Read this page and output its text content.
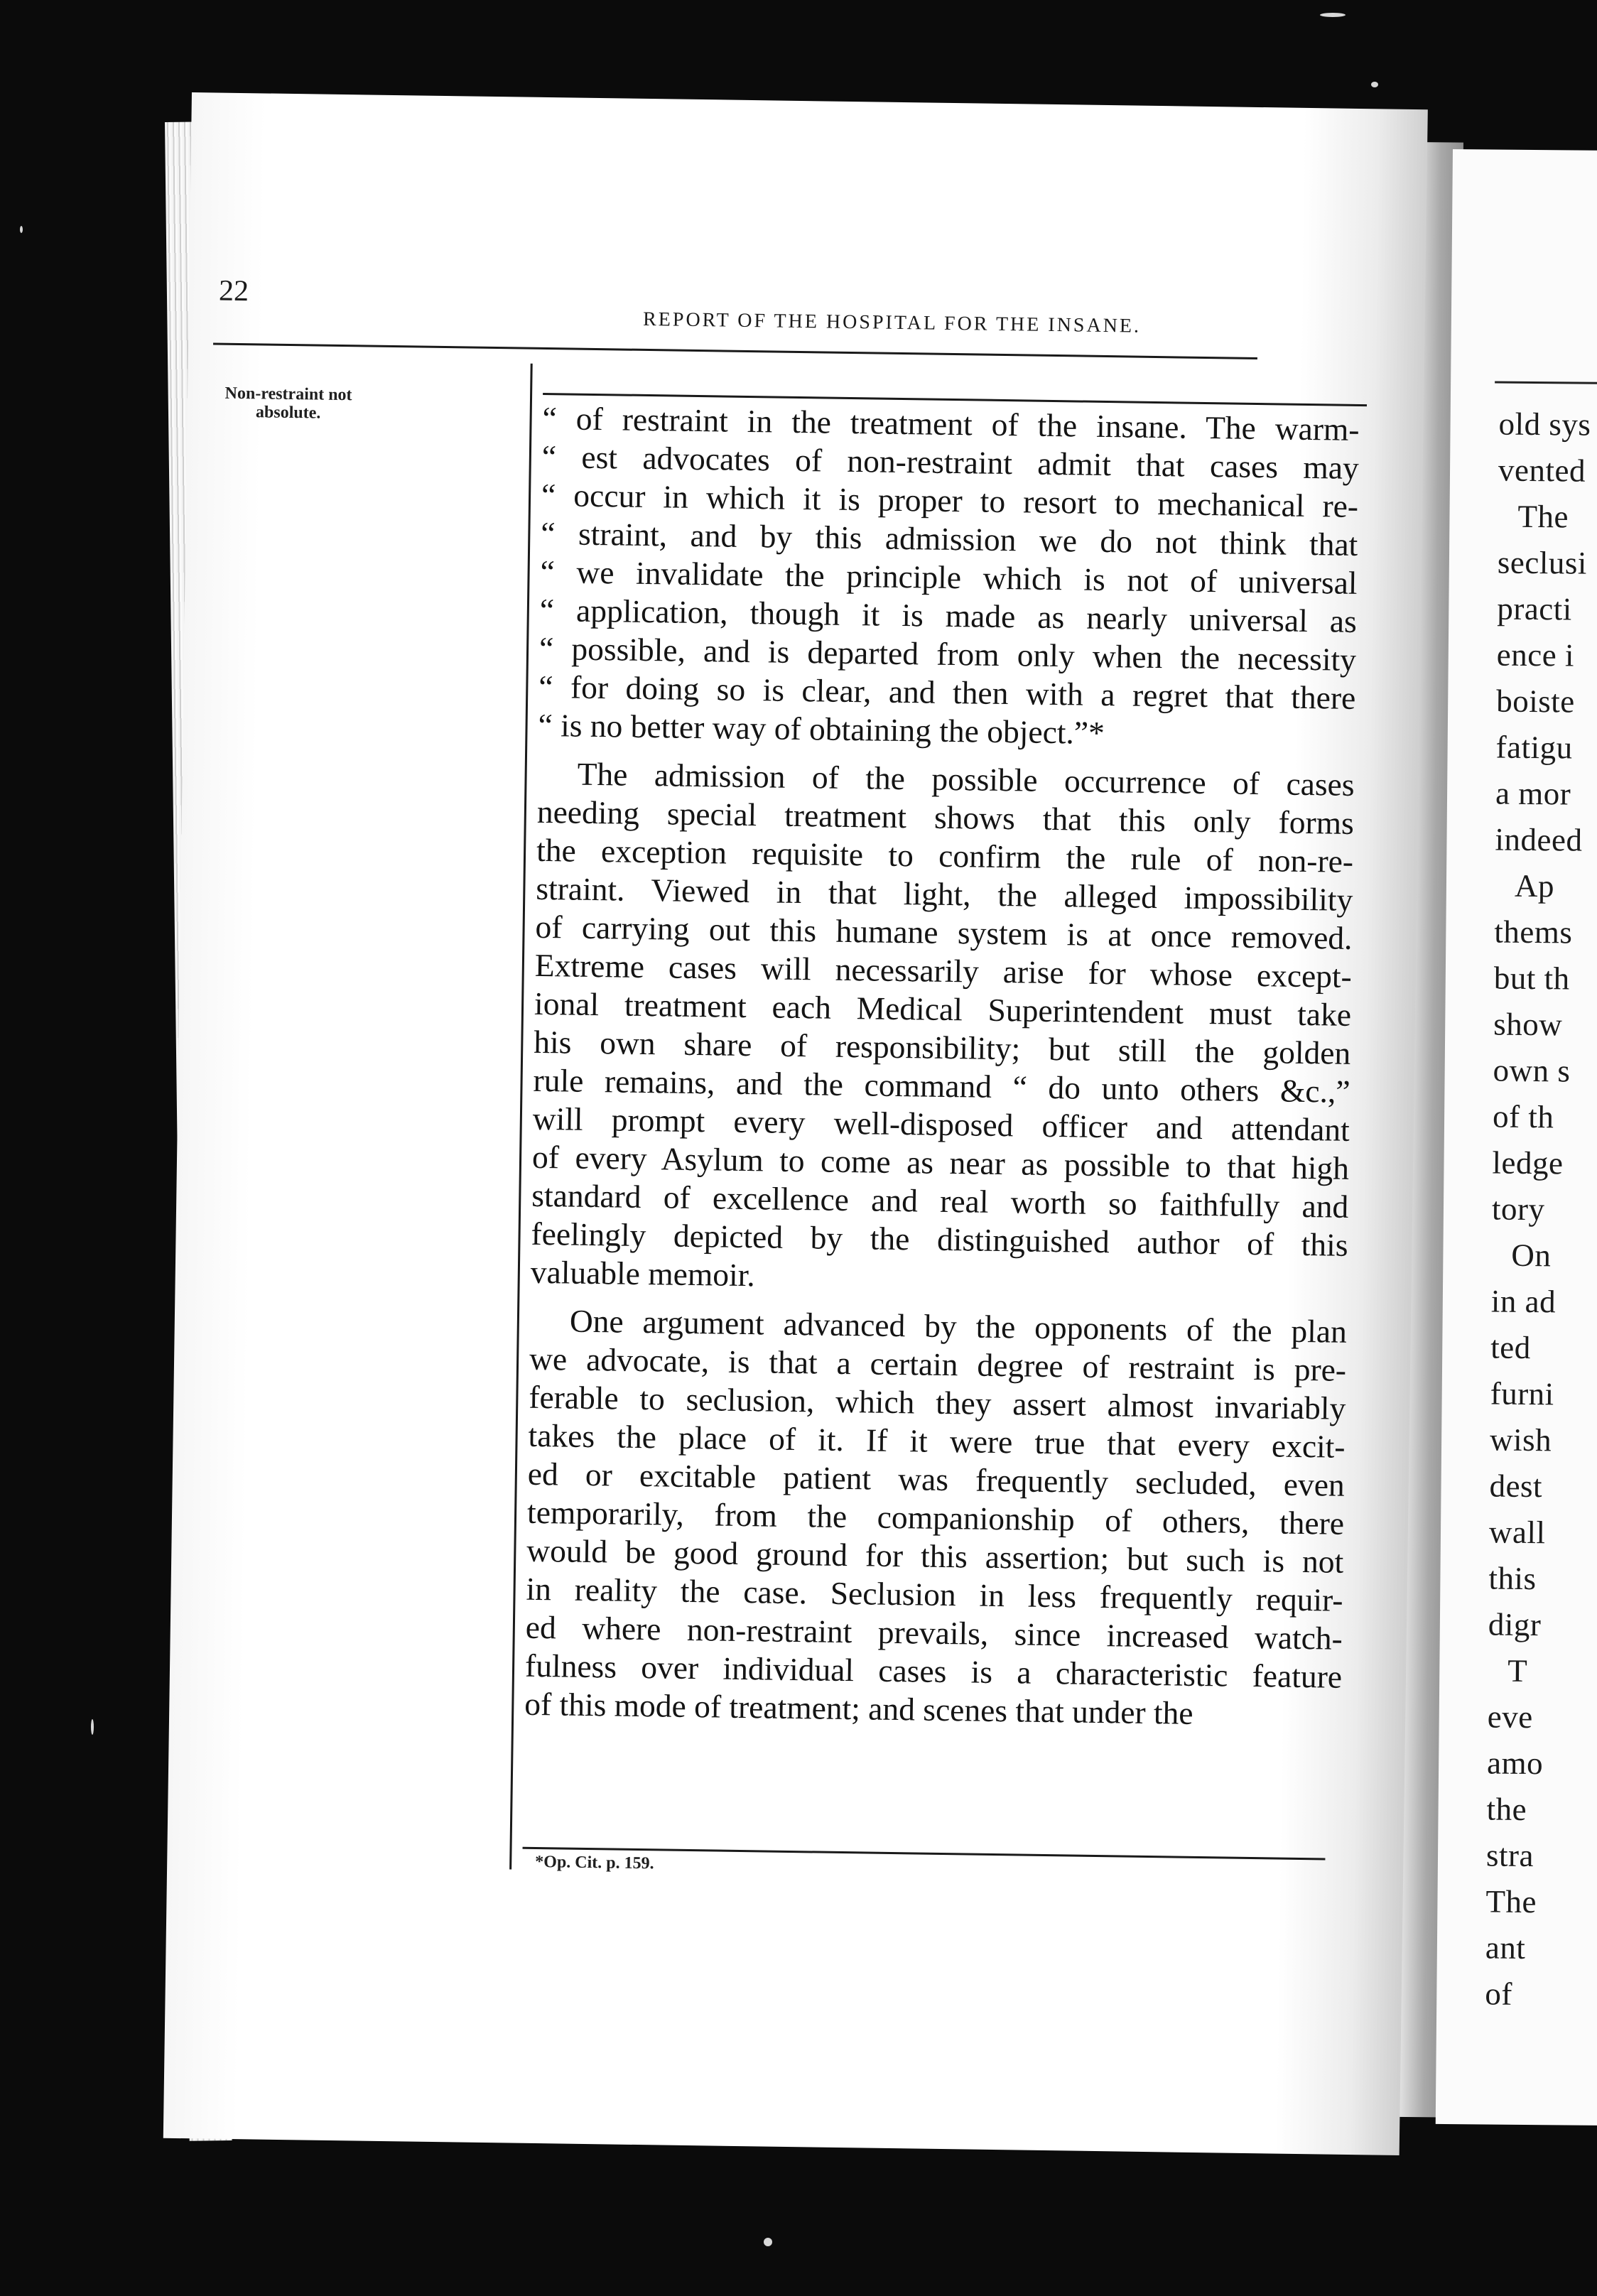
old sys
vented
The
seclusi
practi
ence i
boiste
fatigu
a mor
indeed
Ap
thems
but th
show
own s
of th
ledge
tory
On
in ad
ted
furni
wish
dest
wall
this
digr
T
eve
amo
the
stra
The
ant
of
22
REPORT OF THE HOSPITAL FOR THE INSANE.
Non-restraint not absolute.	“ of restraint in the treatment of the insane. The warm-
“ est advocates of non-restraint admit that cases may
“ occur in which it is proper to resort to mechanical re-
“ straint, and by this admission we do not think that
“ we invalidate the principle which is not of universal
“ application, though it is made as nearly universal as
“ possible, and is departed from only when the necessity
“ for doing so is clear, and then with a regret that there
“ is no better way of obtaining the object.”*
The admission of the possible occurrence of cases
needing special treatment shows that this only forms
the exception requisite to confirm the rule of non-re-
straint. Viewed in that light, the alleged impossibility
of carrying out this humane system is at once removed.
Extreme cases will necessarily arise for whose except-
ional treatment each Medical Superintendent must take
his own share of responsibility; but still the golden
rule remains, and the command “ do unto others &c.,”
will prompt every well-disposed officer and attendant
of every Asylum to come as near as possible to that high
standard of excellence and real worth so faithfully and
feelingly depicted by the distinguished author of this
valuable memoir.
One argument advanced by the opponents of the plan
we advocate, is that a certain degree of restraint is pre-
ferable to seclusion, which they assert almost invariably
takes the place of it. If it were true that every excit-
ed or excitable patient was frequently secluded, even
temporarily, from the companionship of others, there
would be good ground for this assertion; but such is not
in reality the case. Seclusion in less frequently requir-
ed where non-restraint prevails, since increased watch-
fulness over individual cases is a characteristic feature
of this mode of treatment; and scenes that under the
*Op. Cit. p. 159.
